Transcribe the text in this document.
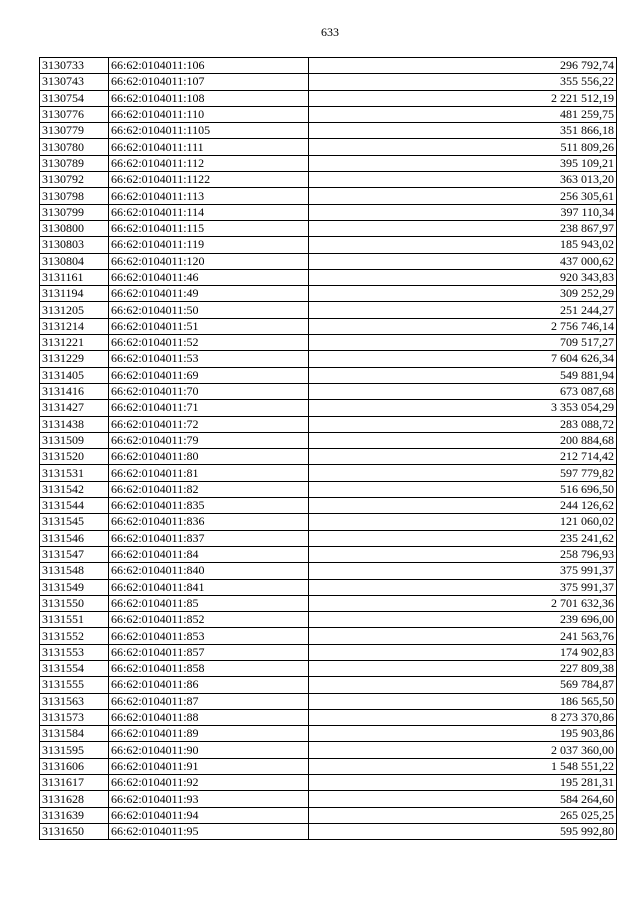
633
3130733	66:62:0104011:106	296 792,74
3130743	66:62:0104011:107	355 556,22
3130754	66:62:0104011:108	2 221 512,19
3130776	66:62:0104011:110	481 259,75
3130779	66:62:0104011:1105	351 866,18
3130780	66:62:0104011:111	511 809,26
3130789	66:62:0104011:112	395 109,21
3130792	66:62:0104011:1122	363 013,20
3130798	66:62:0104011:113	256 305,61
3130799	66:62:0104011:114	397 110,34
3130800	66:62:0104011:115	238 867,97
3130803	66:62:0104011:119	185 943,02
3130804	66:62:0104011:120	437 000,62
3131161	66:62:0104011:46	920 343,83
3131194	66:62:0104011:49	309 252,29
3131205	66:62:0104011:50	251 244,27
3131214	66:62:0104011:51	2 756 746,14
3131221	66:62:0104011:52	709 517,27
3131229	66:62:0104011:53	7 604 626,34
3131405	66:62:0104011:69	549 881,94
3131416	66:62:0104011:70	673 087,68
3131427	66:62:0104011:71	3 353 054,29
3131438	66:62:0104011:72	283 088,72
3131509	66:62:0104011:79	200 884,68
3131520	66:62:0104011:80	212 714,42
3131531	66:62:0104011:81	597 779,82
3131542	66:62:0104011:82	516 696,50
3131544	66:62:0104011:835	244 126,62
3131545	66:62:0104011:836	121 060,02
3131546	66:62:0104011:837	235 241,62
3131547	66:62:0104011:84	258 796,93
3131548	66:62:0104011:840	375 991,37
3131549	66:62:0104011:841	375 991,37
3131550	66:62:0104011:85	2 701 632,36
3131551	66:62:0104011:852	239 696,00
3131552	66:62:0104011:853	241 563,76
3131553	66:62:0104011:857	174 902,83
3131554	66:62:0104011:858	227 809,38
3131555	66:62:0104011:86	569 784,87
3131563	66:62:0104011:87	186 565,50
3131573	66:62:0104011:88	8 273 370,86
3131584	66:62:0104011:89	195 903,86
3131595	66:62:0104011:90	2 037 360,00
3131606	66:62:0104011:91	1 548 551,22
3131617	66:62:0104011:92	195 281,31
3131628	66:62:0104011:93	584 264,60
3131639	66:62:0104011:94	265 025,25
3131650	66:62:0104011:95	595 992,80
